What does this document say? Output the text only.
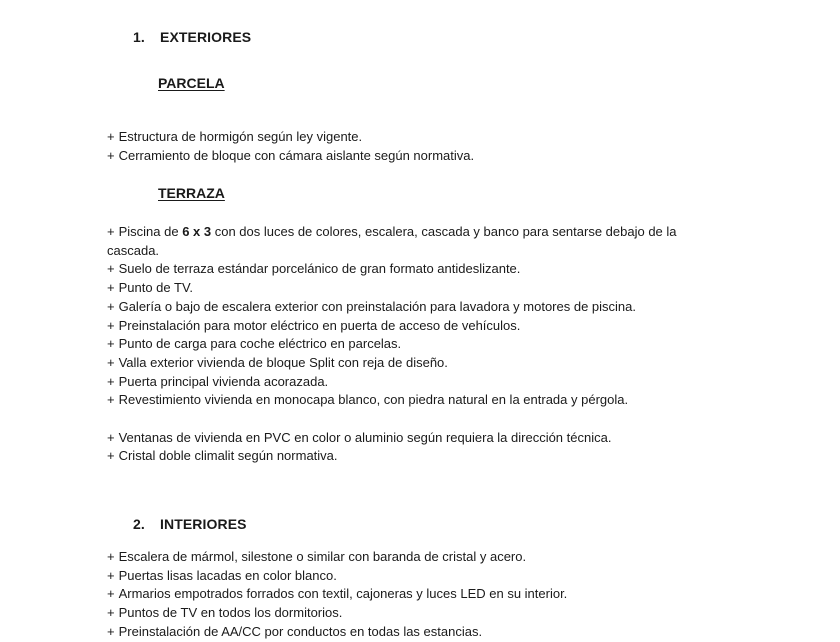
1. EXTERIORES
PARCELA
+ Estructura de hormigón según ley vigente.
+ Cerramiento de bloque con cámara aislante según normativa.
TERRAZA
+ Piscina de 6 x 3 con dos luces de colores, escalera, cascada y banco para sentarse debajo de la cascada.
+ Suelo de terraza estándar porcelánico de gran formato antideslizante.
+ Punto de TV.
+ Galería o bajo de escalera exterior con preinstalación para lavadora y motores de piscina.
+ Preinstalación para motor eléctrico en puerta de acceso de vehículos.
+ Punto de carga para coche eléctrico en parcelas.
+ Valla exterior vivienda de bloque Split con reja de diseño.
+ Puerta principal vivienda acorazada.
+ Revestimiento vivienda en monocapa blanco, con piedra natural en la entrada y pérgola.
+ Ventanas de vivienda en PVC en color o aluminio según requiera la dirección técnica.
+ Cristal doble climalit según normativa.
2. INTERIORES
+ Escalera de mármol, silestone o similar con baranda de cristal y acero.
+ Puertas lisas lacadas en color blanco.
+ Armarios empotrados forrados con textil, cajoneras y luces LED en su interior.
+ Puntos de TV en todos los dormitorios.
+ Preinstalación de AA/CC por conductos en todas las estancias.
